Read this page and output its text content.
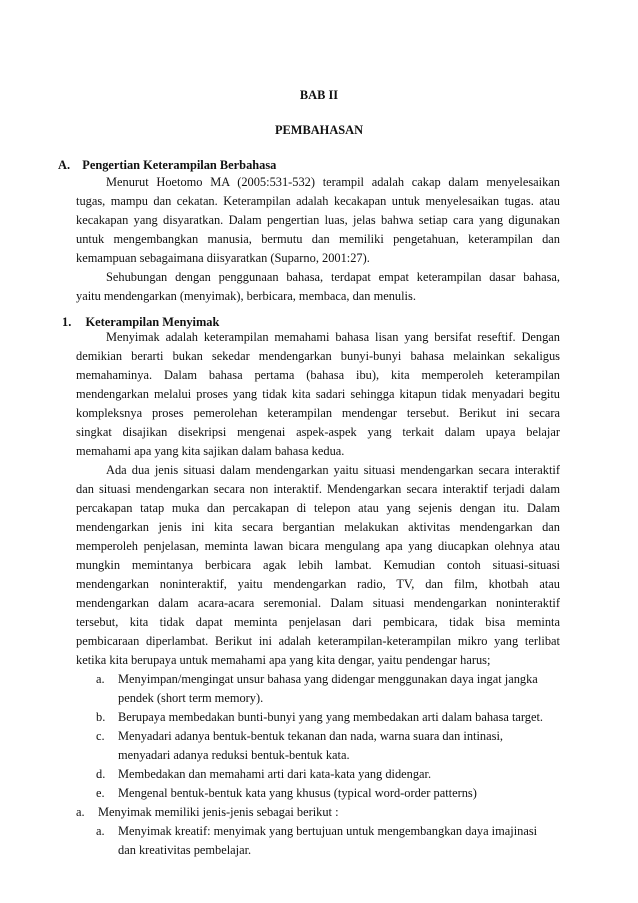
BAB II
PEMBAHASAN
A. Pengertian Keterampilan Berbahasa
Menurut Hoetomo MA (2005:531-532) terampil adalah cakap dalam menyelesaikan
tugas, mampu dan cekatan. Keterampilan adalah kecakapan untuk menyelesaikan tugas. atau
kecakapan yang disyaratkan. Dalam pengertian luas, jelas bahwa setiap cara yang digunakan
untuk mengembangkan manusia, bermutu dan memiliki pengetahuan, keterampilan dan
kemampuan sebagaimana diisyaratkan (Suparno, 2001:27).
Sehubungan dengan penggunaan bahasa, terdapat empat keterampilan dasar bahasa,
yaitu mendengarkan (menyimak), berbicara, membaca, dan menulis.
1. Keterampilan Menyimak
Menyimak adalah keterampilan memahami bahasa lisan yang bersifat reseftif. Dengan
demikian berarti bukan sekedar mendengarkan bunyi-bunyi bahasa melainkan sekaligus
memahaminya. Dalam bahasa pertama (bahasa ibu), kita memperoleh keterampilan
mendengarkan melalui proses yang tidak kita sadari sehingga kitapun tidak menyadari begitu
kompleksnya proses pemerolehan keterampilan mendengar tersebut. Berikut ini secara
singkat disajikan disekripsi mengenai aspek-aspek yang terkait dalam upaya belajar
memahami apa yang kita sajikan dalam bahasa kedua.
Ada dua jenis situasi dalam mendengarkan yaitu situasi mendengarkan secara interaktif
dan situasi mendengarkan secara non interaktif. Mendengarkan secara interaktif terjadi dalam
percakapan tatap muka dan percakapan di telepon atau yang sejenis dengan itu. Dalam
mendengarkan jenis ini kita secara bergantian melakukan aktivitas mendengarkan dan
memperoleh penjelasan, meminta lawan bicara mengulang apa yang diucapkan olehnya atau
mungkin memintanya berbicara agak lebih lambat. Kemudian contoh situasi-situasi
mendengarkan noninteraktif, yaitu mendengarkan radio, TV, dan film, khotbah atau
mendengarkan dalam acara-acara seremonial. Dalam situasi mendengarkan noninteraktif
tersebut, kita tidak dapat meminta penjelasan dari pembicara, tidak bisa meminta
pembicaraan diperlambat. Berikut ini adalah keterampilan-keterampilan mikro yang terlibat
ketika kita berupaya untuk memahami apa yang kita dengar, yaitu pendengar harus;
a. Menyimpan/mengingat unsur bahasa yang didengar menggunakan daya ingat jangka
pendek (short term memory).
b. Berupaya membedakan bunti-bunyi yang yang membedakan arti dalam bahasa target.
c. Menyadari adanya bentuk-bentuk tekanan dan nada, warna suara dan intinasi,
menyadari adanya reduksi bentuk-bentuk kata.
d. Membedakan dan memahami arti dari kata-kata yang didengar.
e. Mengenal bentuk-bentuk kata yang khusus (typical word-order patterns)
a. Menyimak memiliki jenis-jenis sebagai berikut :
a. Menyimak kreatif: menyimak yang bertujuan untuk mengembangkan daya imajinasi
dan kreativitas pembelajar.
